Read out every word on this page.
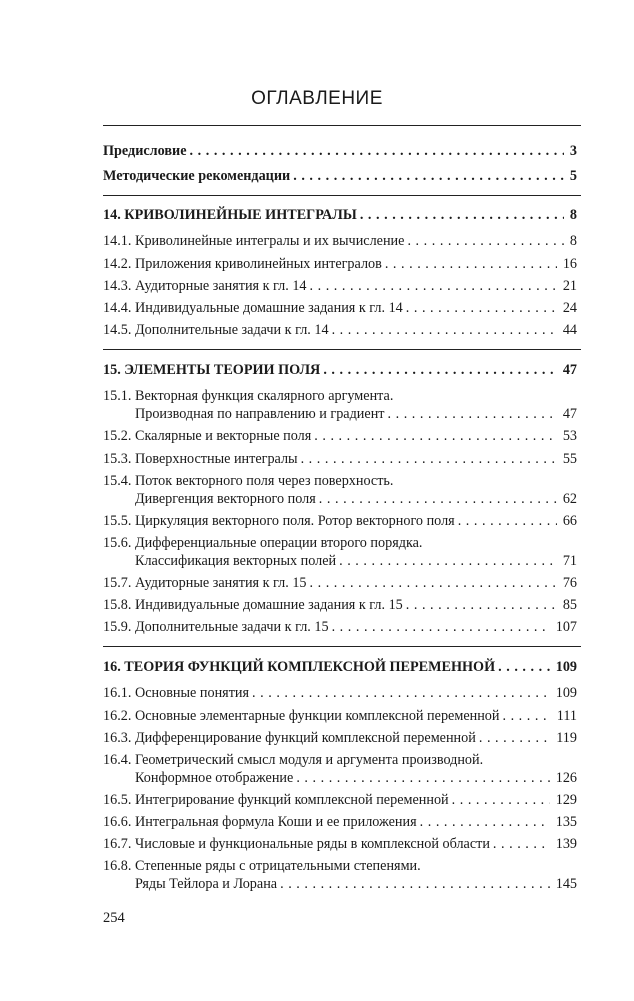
ОГЛАВЛЕНИЕ
Предисловие . . .	3
Методические рекомендации . . .	5
14. КРИВОЛИНЕЙНЫЕ ИНТЕГРАЛЫ . . .	8
14.1. Криволинейные интегралы и их вычисление . . .	8
14.2. Приложения криволинейных интегралов . . .	16
14.3. Аудиторные занятия к гл. 14 . . .	21
14.4. Индивидуальные домашние задания к гл. 14 . . .	24
14.5. Дополнительные задачи к гл. 14 . . .	44
15. ЭЛЕМЕНТЫ ТЕОРИИ ПОЛЯ . . .	47
15.1. Векторная функция скалярного аргумента.
Производная по направлению и градиент . . .	47
15.2. Скалярные и векторные поля . . .	53
15.3. Поверхностные интегралы . . .	55
15.4. Поток векторного поля через поверхность.
Дивергенция векторного поля . . .	62
15.5. Циркуляция векторного поля. Ротор векторного поля . . .	66
15.6. Дифференциальные операции второго порядка.
Классификация векторных полей . . .	71
15.7. Аудиторные занятия к гл. 15 . . .	76
15.8. Индивидуальные домашние задания к гл. 15 . . .	85
15.9. Дополнительные задачи к гл. 15 . . .	107
16. ТЕОРИЯ ФУНКЦИЙ КОМПЛЕКСНОЙ ПЕРЕМЕННОЙ . . .	109
16.1. Основные понятия . . .	109
16.2. Основные элементарные функции комплексной переменной . . .	111
16.3. Дифференцирование функций комплексной переменной . . .	119
16.4. Геометрический смысл модуля и аргумента производной.
Конформное отображение . . .	126
16.5. Интегрирование функций комплексной переменной . . .	129
16.6. Интегральная формула Коши и ее приложения . . .	135
16.7. Числовые и функциональные ряды в комплексной области . . .	139
16.8. Степенные ряды с отрицательными степенями.
Ряды Тейлора и Лорана . . .	145
254
